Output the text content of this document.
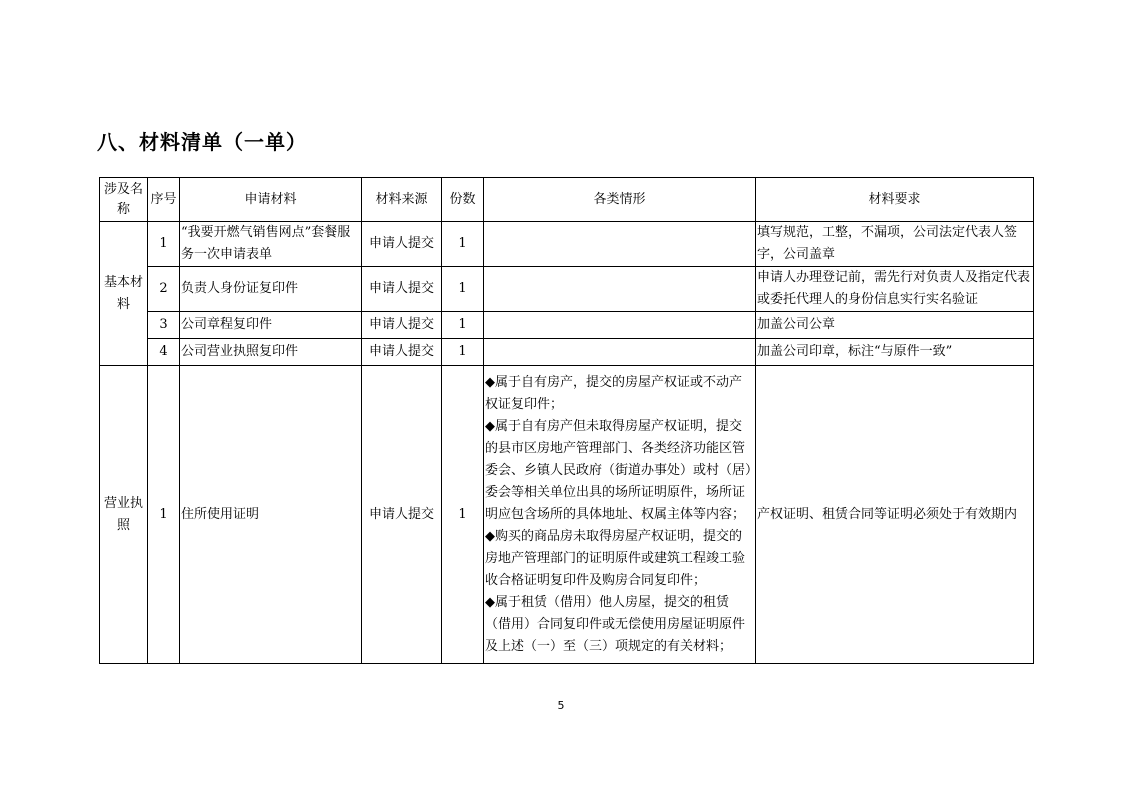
八、材料清单（一单）
涉及名称	序号	申请材料	材料来源	份数	各类情形	材料要求
基本材料	1	“我要开燃气销售网点”套餐服务一次申请表单	申请人提交	1		填写规范，工整，不漏项，公司法定代表人签字，公司盖章
	2	负责人身份证复印件	申请人提交	1		申请人办理登记前，需先行对负责人及指定代表或委托代理人的身份信息实行实名验证
	3	公司章程复印件	申请人提交	1		加盖公司公章
	4	公司营业执照复印件	申请人提交	1		加盖公司印章，标注“与原件一致”
营业执照	1	住所使用证明	申请人提交	1	◆属于自有房产，提交的房屋产权证或不动产权证复印件；
◆属于自有房产但未取得房屋产权证明，提交的县市区房地产管理部门、各类经济功能区管委会、乡镇人民政府（街道办事处）或村（居）委会等相关单位出具的场所证明原件，场所证明应包含场所的具体地址、权属主体等内容；
◆购买的商品房未取得房屋产权证明，提交的房地产管理部门的证明原件或建筑工程竣工验收合格证明复印件及购房合同复印件；
◆属于租赁（借用）他人房屋，提交的租赁（借用）合同复印件或无偿使用房屋证明原件及上述（一）至（三）项规定的有关材料；	产权证明、租赁合同等证明必须处于有效期内
5
